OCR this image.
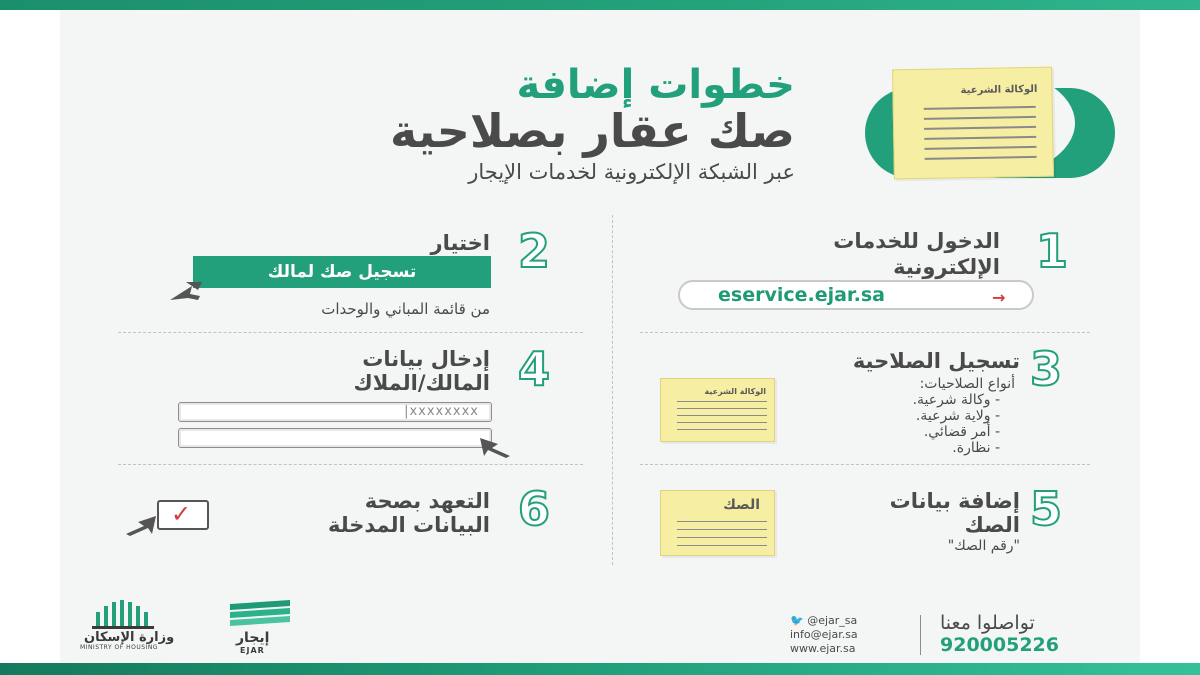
خطوات إضافة
صك عقار بصلاحية
عبر الشبكة الإلكترونية لخدمات الإيجار
الوكالة الشرعية
1
الدخول للخدمات
الإلكترونية
eservice.ejar.sa	→
2
اختيار
تسجيل صك لمالك
من قائمة المباني والوحدات
3
تسجيل الصلاحية
أنواع الصلاحيات:
- وكالة شرعية.
- ولاية شرعية.
- أمر قضائي.
- نظارة.
الوكالة الشرعية
4
إدخال بيانات
المالك/الملاك
|xxxxxxxx
5
إضافة بيانات
الصك
"رقم الصك"
الصك
6
التعهد بصحة
البيانات المدخلة
✓
تواصلوا معنا
920005226
🐦 @ejar_sa
info@ejar.sa
www.ejar.sa
إيجار
EJAR
وزارة الإسكان
MINISTRY OF HOUSING
